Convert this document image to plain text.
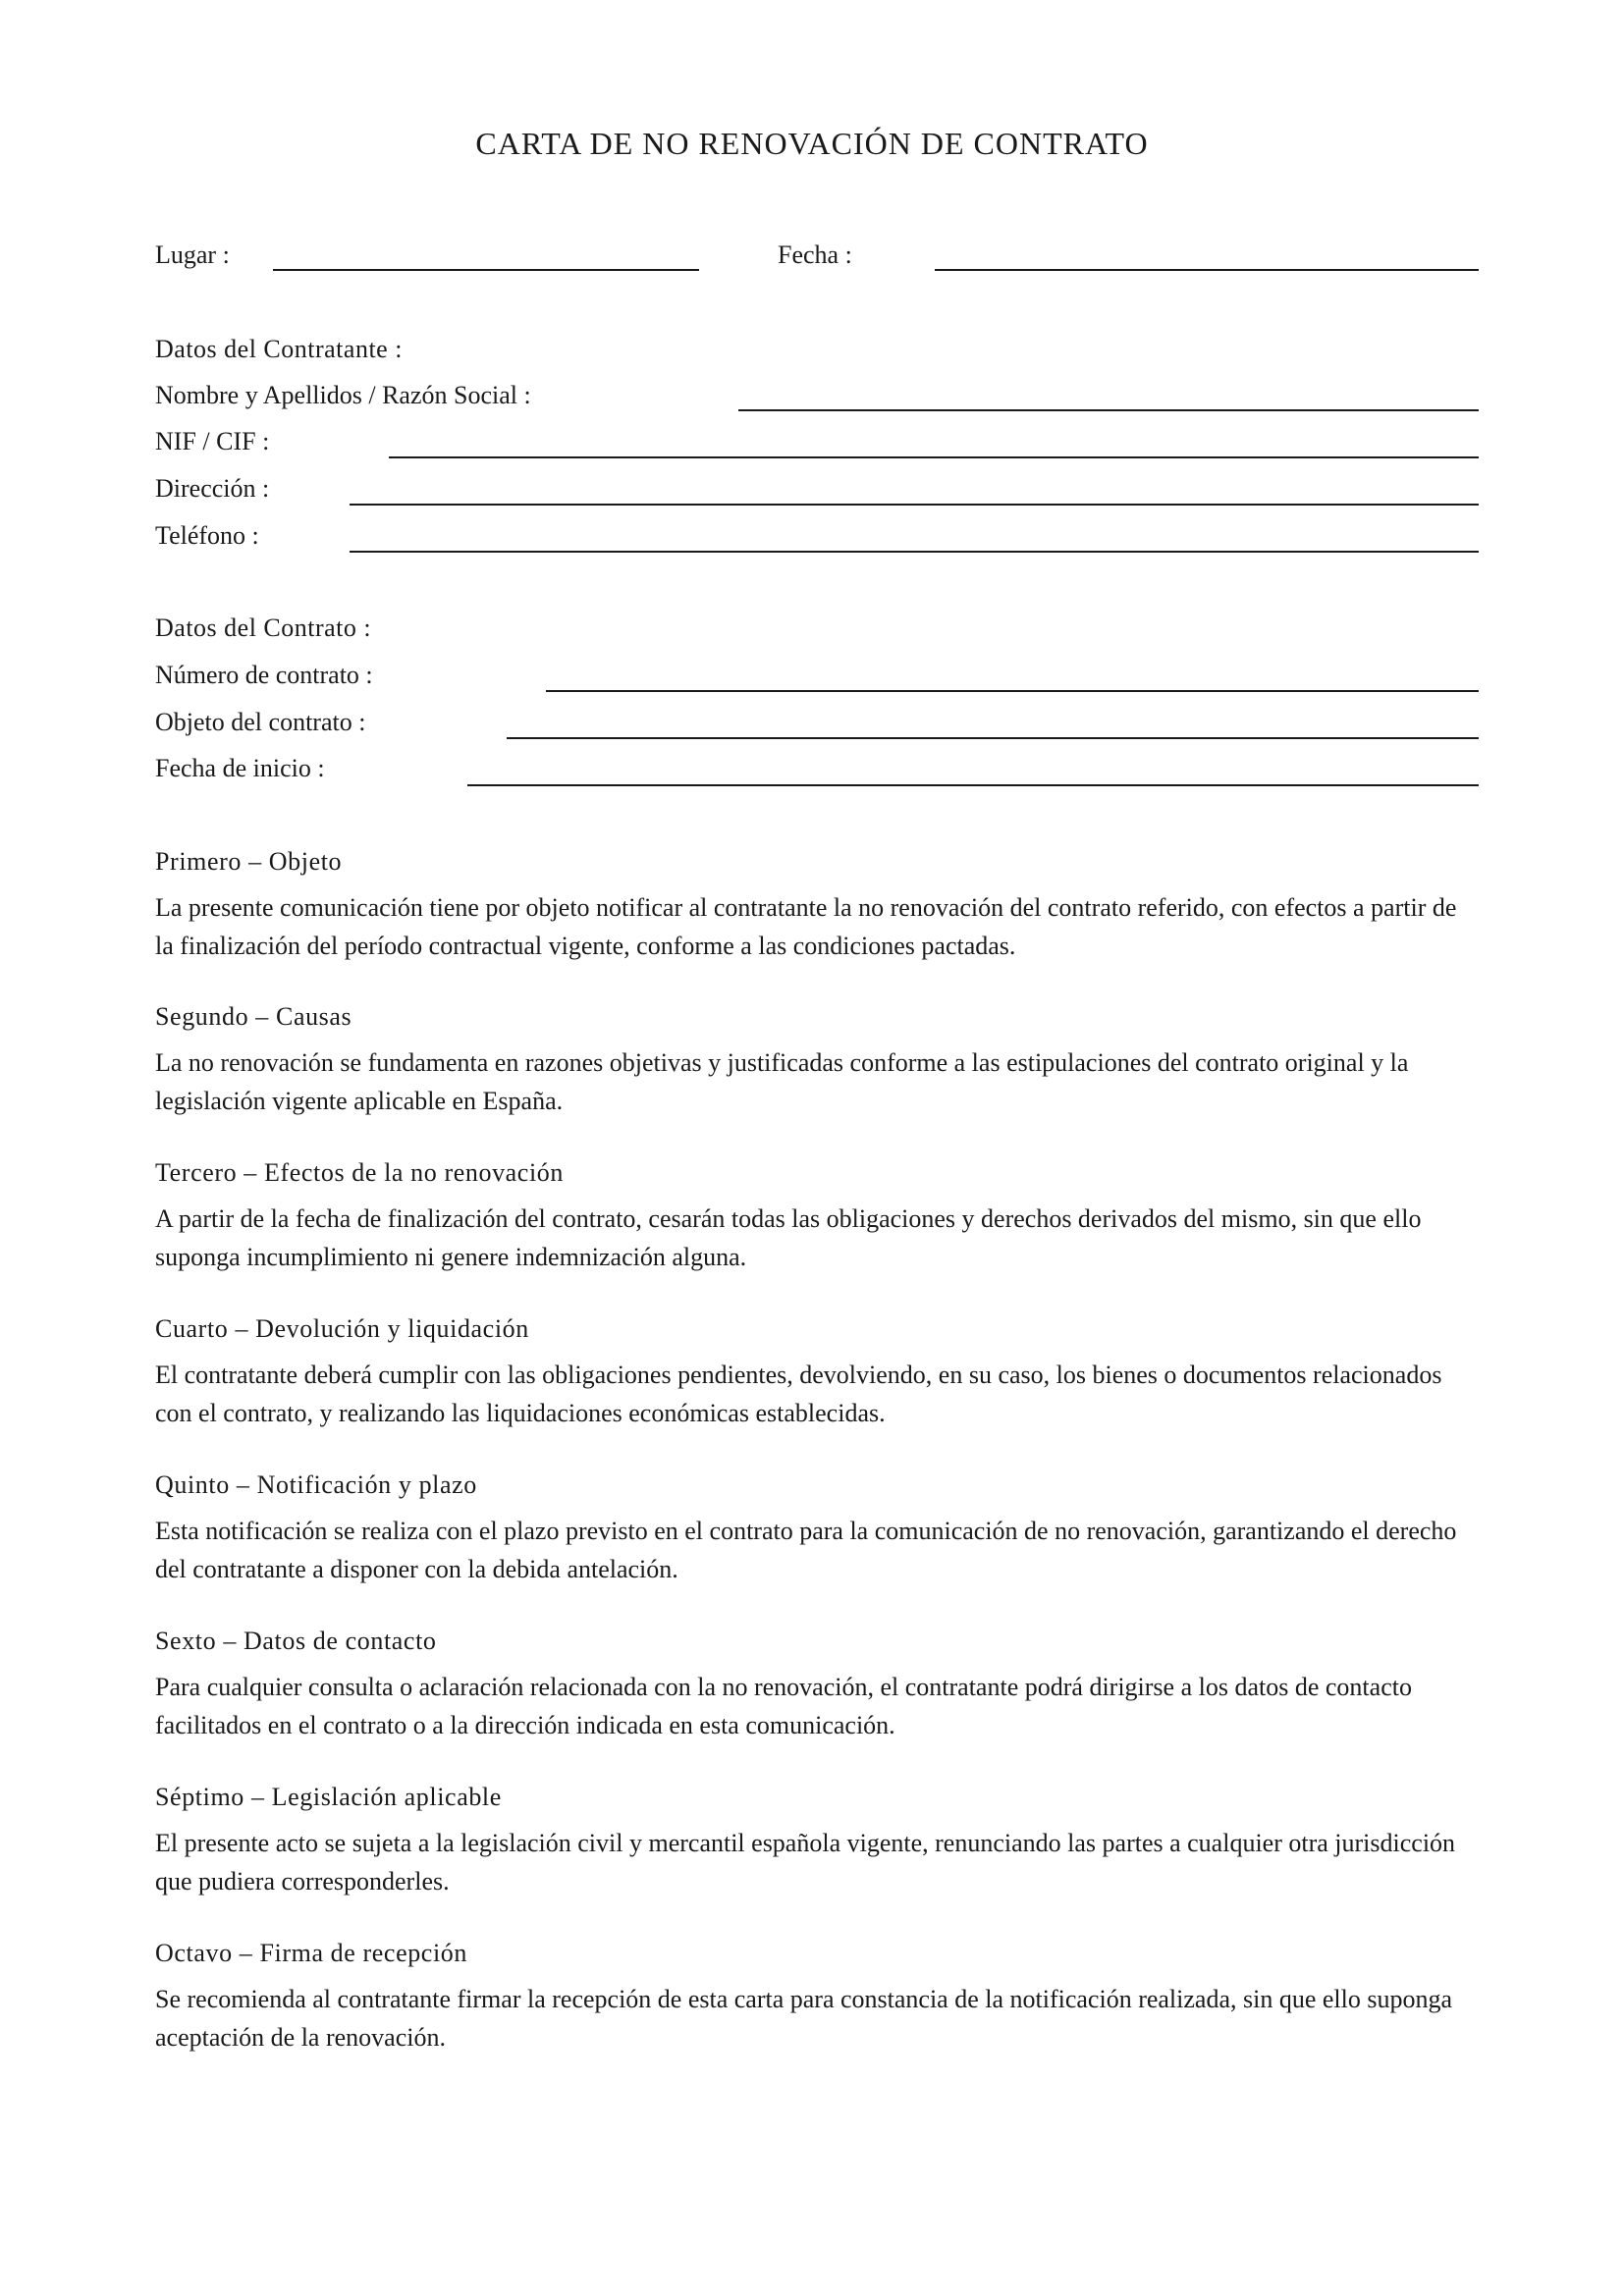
CARTA DE NO RENOVACIÓN DE CONTRATO
Lugar :	Fecha :
Datos del Contratante :
Nombre y Apellidos / Razón Social :
NIF / CIF :
Dirección :
Teléfono :
Datos del Contrato :
Número de contrato :
Objeto del contrato :
Fecha de inicio :
Primero – Objeto
La presente comunicación tiene por objeto notificar al contratante la no renovación del contrato referido, con efectos a partir de la finalización del período contractual vigente, conforme a las condiciones pactadas.
Segundo – Causas
La no renovación se fundamenta en razones objetivas y justificadas conforme a las estipulaciones del contrato original y la legislación vigente aplicable en España.
Tercero – Efectos de la no renovación
A partir de la fecha de finalización del contrato, cesarán todas las obligaciones y derechos derivados del mismo, sin que ello suponga incumplimiento ni genere indemnización alguna.
Cuarto – Devolución y liquidación
El contratante deberá cumplir con las obligaciones pendientes, devolviendo, en su caso, los bienes o documentos relacionados con el contrato, y realizando las liquidaciones económicas establecidas.
Quinto – Notificación y plazo
Esta notificación se realiza con el plazo previsto en el contrato para la comunicación de no renovación, garantizando el derecho del contratante a disponer con la debida antelación.
Sexto – Datos de contacto
Para cualquier consulta o aclaración relacionada con la no renovación, el contratante podrá dirigirse a los datos de contacto facilitados en el contrato o a la dirección indicada en esta comunicación.
Séptimo – Legislación aplicable
El presente acto se sujeta a la legislación civil y mercantil española vigente, renunciando las partes a cualquier otra jurisdicción que pudiera corresponderles.
Octavo – Firma de recepción
Se recomienda al contratante firmar la recepción de esta carta para constancia de la notificación realizada, sin que ello suponga aceptación de la renovación.
